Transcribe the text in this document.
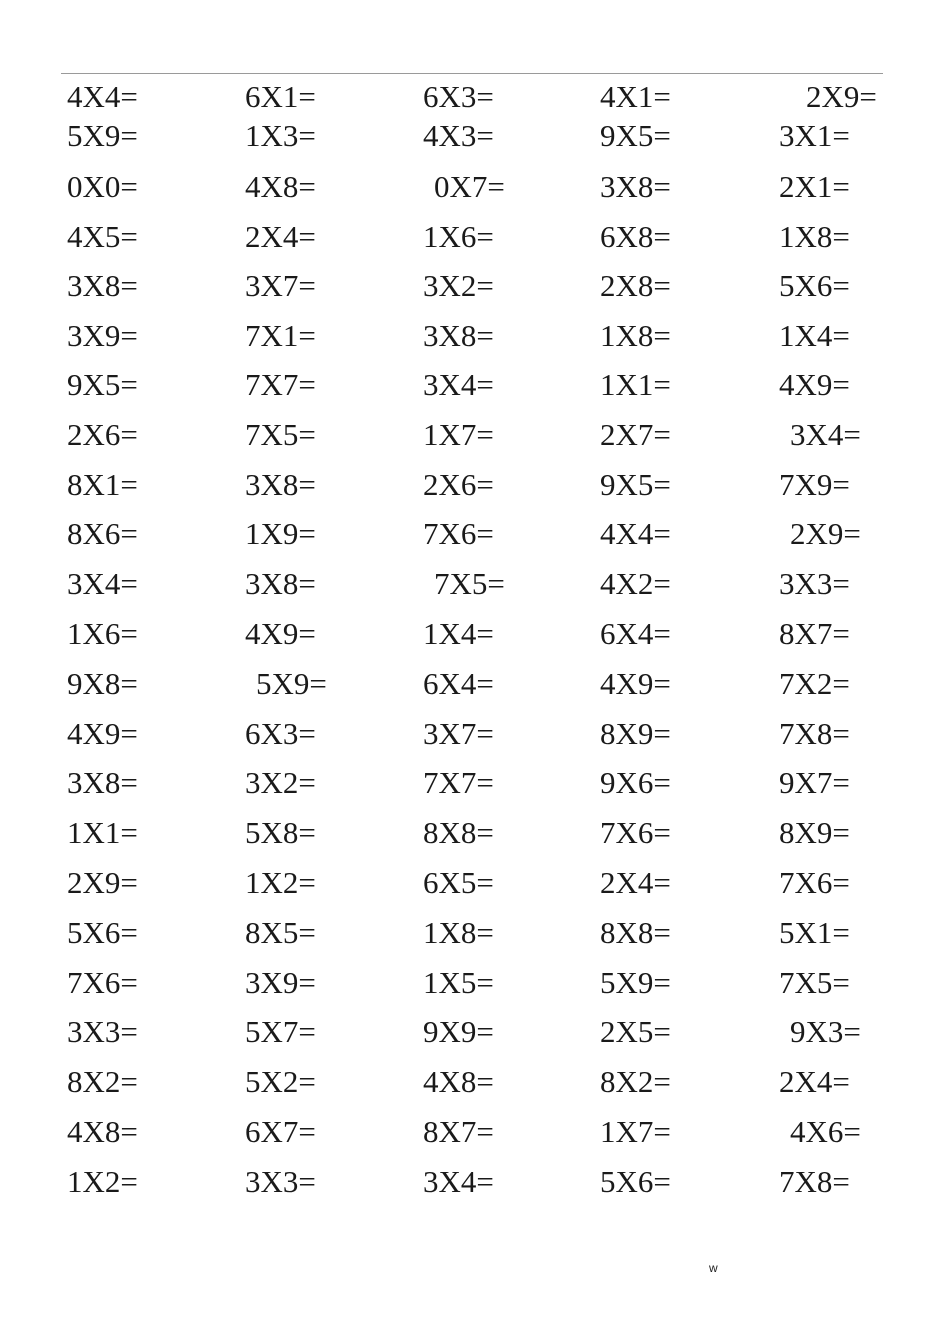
4X4=	6X1=	6X3=	4X1=	2X9=
5X9=	1X3=	4X3=	9X5=	3X1=
0X0=	4X8=	0X7=	3X8=	2X1=
4X5=	2X4=	1X6=	6X8=	1X8=
3X8=	3X7=	3X2=	2X8=	5X6=
3X9=	7X1=	3X8=	1X8=	1X4=
9X5=	7X7=	3X4=	1X1=	4X9=
2X6=	7X5=	1X7=	2X7=	3X4=
8X1=	3X8=	2X6=	9X5=	7X9=
8X6=	1X9=	7X6=	4X4=	2X9=
3X4=	3X8=	7X5=	4X2=	3X3=
1X6=	4X9=	1X4=	6X4=	8X7=
9X8=	5X9=	6X4=	4X9=	7X2=
4X9=	6X3=	3X7=	8X9=	7X8=
3X8=	3X2=	7X7=	9X6=	9X7=
1X1=	5X8=	8X8=	7X6=	8X9=
2X9=	1X2=	6X5=	2X4=	7X6=
5X6=	8X5=	1X8=	8X8=	5X1=
7X6=	3X9=	1X5=	5X9=	7X5=
3X3=	5X7=	9X9=	2X5=	9X3=
8X2=	5X2=	4X8=	8X2=	2X4=
4X8=	6X7=	8X7=	1X7=	4X6=
1X2=	3X3=	3X4=	5X6=	7X8=
w
